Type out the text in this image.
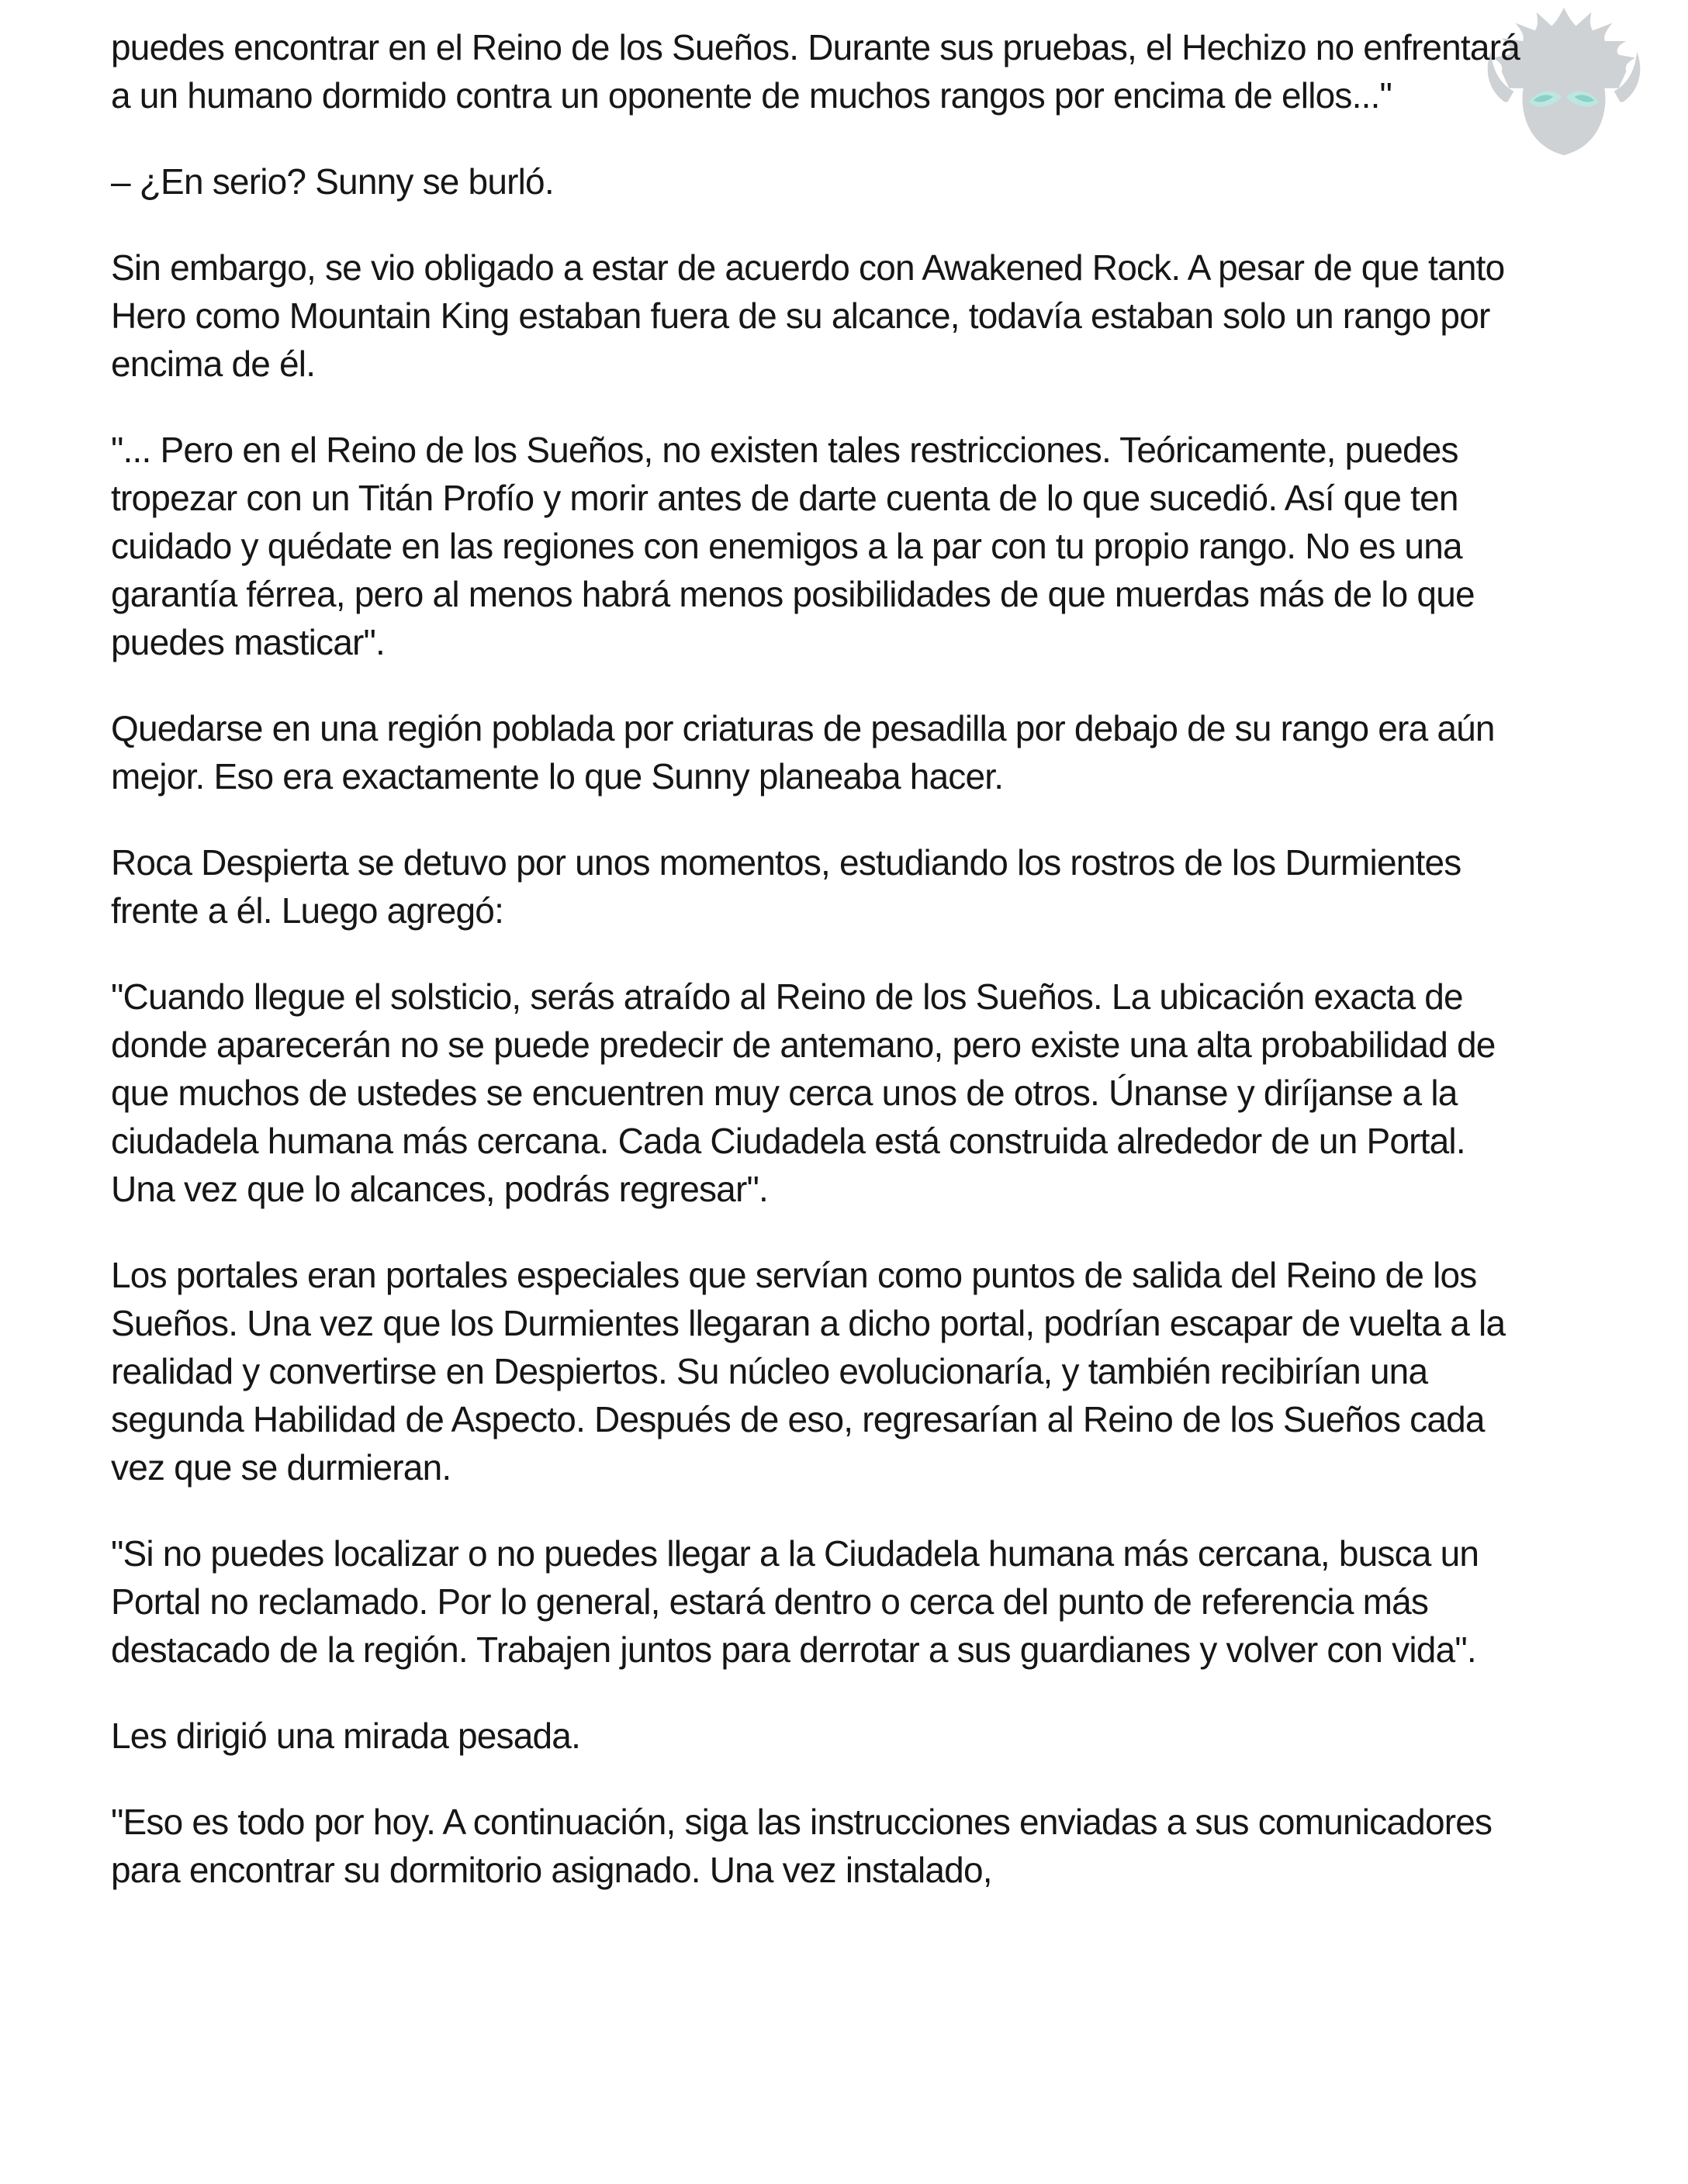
puedes encontrar en el Reino de los Sueños. Durante sus pruebas, el Hechizo no enfrentará a un humano dormido contra un oponente de muchos rangos por encima de ellos..."

– ¿En serio? Sunny se burló.

Sin embargo, se vio obligado a estar de acuerdo con Awakened Rock. A pesar de que tanto Hero como Mountain King estaban fuera de su alcance, todavía estaban solo un rango por encima de él.

"... Pero en el Reino de los Sueños, no existen tales restricciones. Teóricamente, puedes tropezar con un Titán Profío y morir antes de darte cuenta de lo que sucedió. Así que ten cuidado y quédate en las regiones con enemigos a la par con tu propio rango. No es una garantía férrea, pero al menos habrá menos posibilidades de que muerdas más de lo que puedes masticar".

Quedarse en una región poblada por criaturas de pesadilla por debajo de su rango era aún mejor. Eso era exactamente lo que Sunny planeaba hacer.

Roca Despierta se detuvo por unos momentos, estudiando los rostros de los Durmientes frente a él. Luego agregó:

"Cuando llegue el solsticio, serás atraído al Reino de los Sueños. La ubicación exacta de donde aparecerán no se puede predecir de antemano, pero existe una alta probabilidad de que muchos de ustedes se encuentren muy cerca unos de otros. Únanse y diríjanse a la ciudadela humana más cercana. Cada Ciudadela está construida alrededor de un Portal. Una vez que lo alcances, podrás regresar".

Los portales eran portales especiales que servían como puntos de salida del Reino de los Sueños. Una vez que los Durmientes llegaran a dicho portal, podrían escapar de vuelta a la realidad y convertirse en Despiertos. Su núcleo evolucionaría, y también recibirían una segunda Habilidad de Aspecto. Después de eso, regresarían al Reino de los Sueños cada vez que se durmieran.

"Si no puedes localizar o no puedes llegar a la Ciudadela humana más cercana, busca un Portal no reclamado. Por lo general, estará dentro o cerca del punto de referencia más destacado de la región. Trabajen juntos para derrotar a sus guardianes y volver con vida".

Les dirigió una mirada pesada.

"Eso es todo por hoy. A continuación, siga las instrucciones enviadas a sus comunicadores para encontrar su dormitorio asignado. Una vez instalado,
